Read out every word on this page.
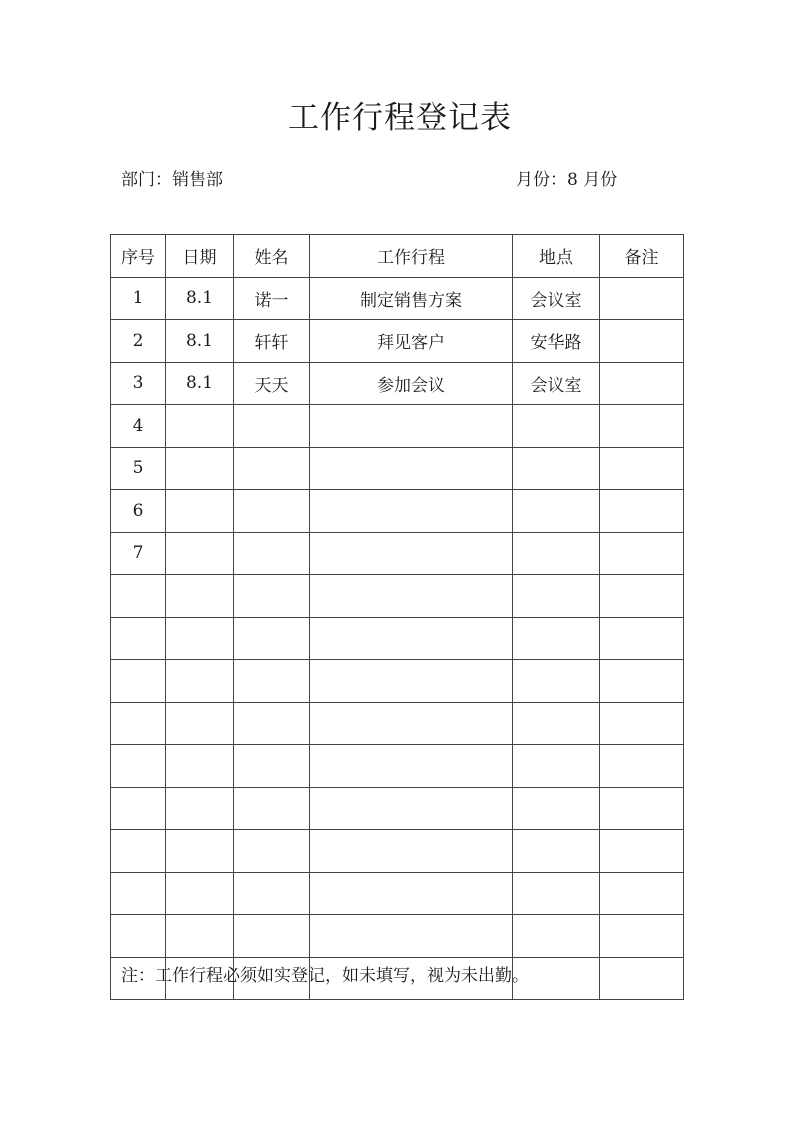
工作行程登记表
部门：销售部	月份：8 月份
序号	日期	姓名	工作行程	地点	备注
1	8.1	诺一	制定销售方案	会议室	
2	8.1	轩轩	拜见客户	安华路	
3	8.1	天天	参加会议	会议室	
4					
5					
6					
7					

注：工作行程必须如实登记，如未填写，视为未出勤。
